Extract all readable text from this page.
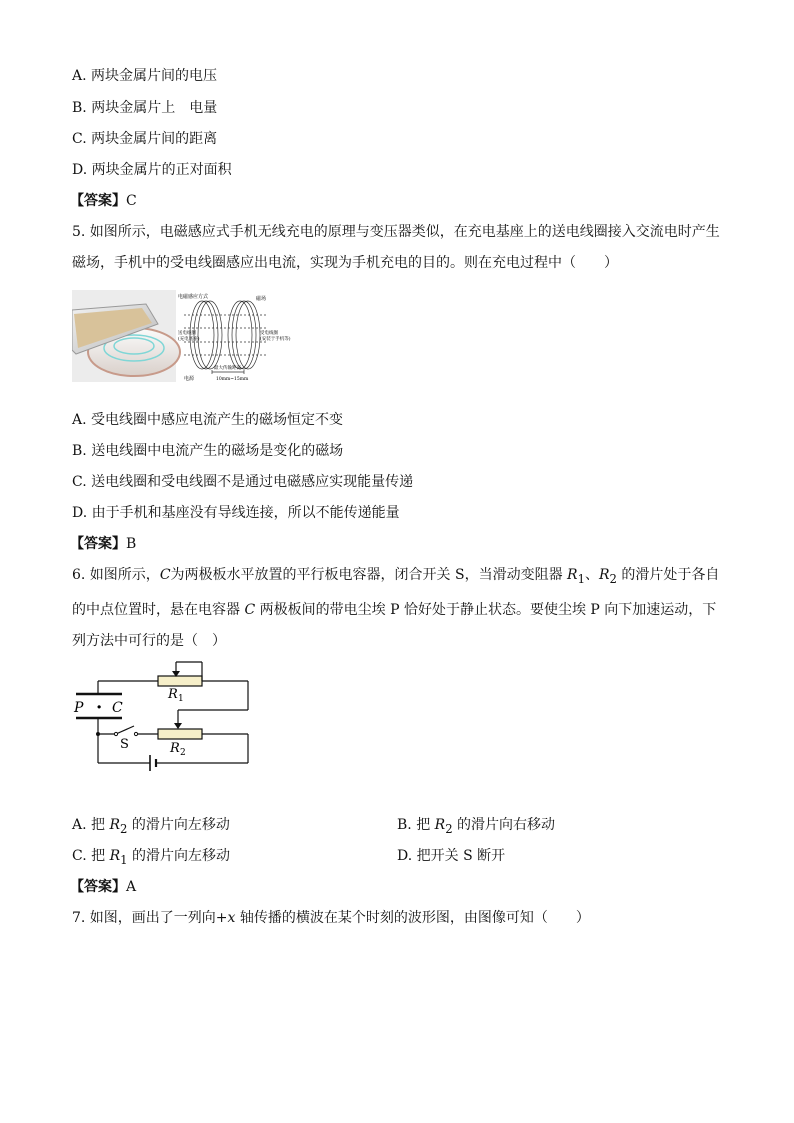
A. 两块金属片间的电压
B. 两块金属片上　电量
C. 两块金属片间的距离
D. 两块金属片的正对面积
【答案】C
5. 如图所示，电磁感应式手机无线充电的原理与变压器类似，在充电基座上的送电线圈接入交流电时产生磁场，手机中的受电线圈感应出电流，实现为手机充电的目的。则在充电过程中（　　）
电磁感应方式	磁场
送电线圈
(充电底座)
受电线圈
(安装于手机等)
电源
最大传输距离
10mm~15mm
A. 受电线圈中感应电流产生的磁场恒定不变
B. 送电线圈中电流产生的磁场是变化的磁场
C. 送电线圈和受电线圈不是通过电磁感应实现能量传递
D. 由于手机和基座没有导线连接，所以不能传递能量
【答案】B
6. 如图所示，C为两极板水平放置的平行板电容器，闭合开关 S，当滑动变阻器 $R_1$、$R_2$ 的滑片处于各自的中点位置时，悬在电容器 C 两极板间的带电尘埃 P 恰好处于静止状态。要使尘埃 P 向下加速运动，下列方法中可行的是（　）
R 1
R 2
P · C
S
A. 把 $R_2$ 的滑片向左移动	B. 把 $R_2$ 的滑片向右移动
C. 把 $R_1$ 的滑片向左移动	D. 把开关 S 断开
【答案】A
7. 如图，画出了一列向+x 轴传播的横波在某个时刻的波形图，由图像可知（　　）
